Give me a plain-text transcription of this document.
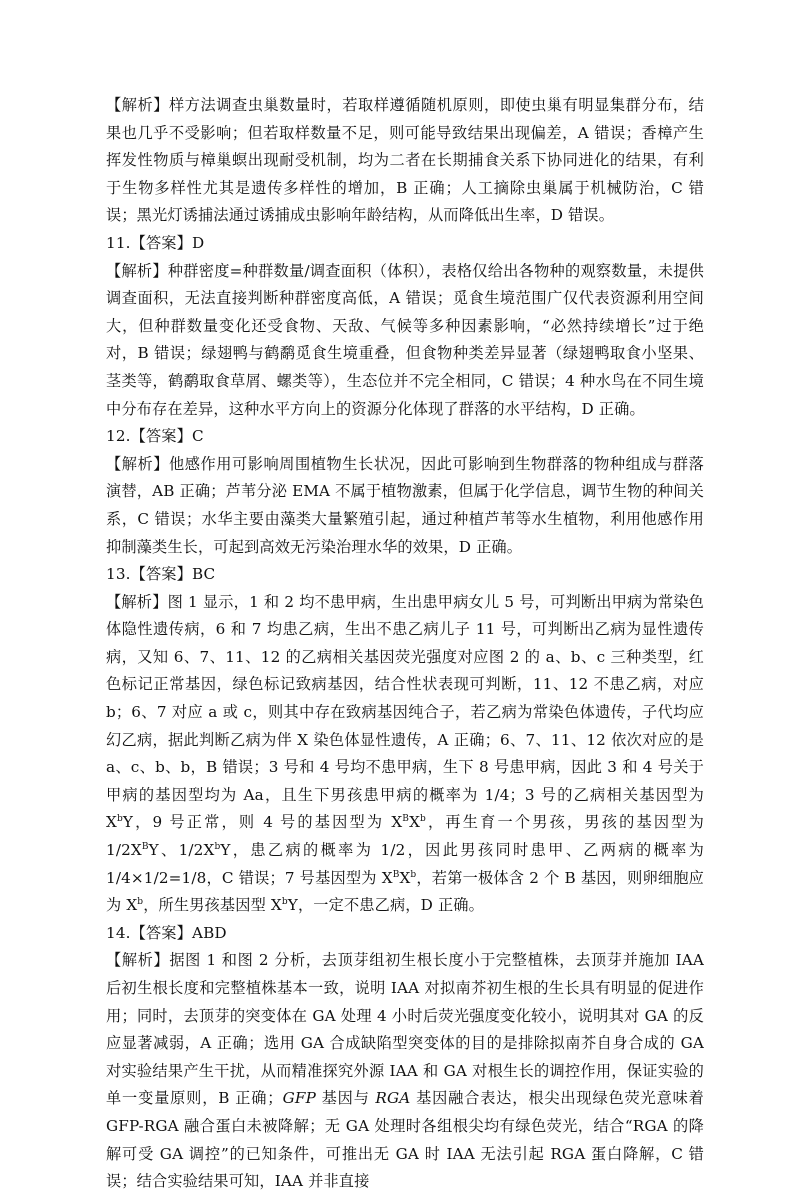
【解析】样方法调查虫巢数量时，若取样遵循随机原则，即使虫巢有明显集群分布，结果也几乎不受影响；但若取样数量不足，则可能导致结果出现偏差，A 错误；香樟产生挥发性物质与樟巢螟出现耐受机制，均为二者在长期捕食关系下协同进化的结果，有利于生物多样性尤其是遗传多样性的增加，B 正确；人工摘除虫巢属于机械防治，C 错误；黑光灯诱捕法通过诱捕成虫影响年龄结构，从而降低出生率，D 错误。

11.【答案】D

【解析】种群密度=种群数量/调查面积（体积），表格仅给出各物种的观察数量，未提供调查面积，无法直接判断种群密度高低，A 错误；觅食生境范围广仅代表资源利用空间大，但种群数量变化还受食物、天敌、气候等多种因素影响，“必然持续增长”过于绝对，B 错误；绿翅鸭与鹤鹬觅食生境重叠，但食物种类差异显著（绿翅鸭取食小坚果、茎类等，鹤鹬取食草屑、螺类等），生态位并不完全相同，C 错误；4 种水鸟在不同生境中分布存在差异，这种水平方向上的资源分化体现了群落的水平结构，D 正确。

12.【答案】C

【解析】他感作用可影响周围植物生长状况，因此可影响到生物群落的物种组成与群落演替，AB 正确；芦苇分泌 EMA 不属于植物激素，但属于化学信息，调节生物的种间关系，C 错误；水华主要由藻类大量繁殖引起，通过种植芦苇等水生植物，利用他感作用抑制藻类生长，可起到高效无污染治理水华的效果，D 正确。

13.【答案】BC

【解析】图 1 显示，1 和 2 均不患甲病，生出患甲病女儿 5 号，可判断出甲病为常染色体隐性遗传病，6 和 7 均患乙病，生出不患乙病儿子 11 号，可判断出乙病为显性遗传病，又知 6、7、11、12 的乙病相关基因荧光强度对应图 2 的 a、b、c 三种类型，红色标记正常基因，绿色标记致病基因，结合性状表现可判断，11、12 不患乙病，对应 b；6、7 对应 a 或 c，则其中存在致病基因纯合子，若乙病为常染色体遗传，子代均应幻乙病，据此判断乙病为伴 X 染色体显性遗传，A 正确；6、7、11、12 依次对应的是 a、c、b、b，B 错误；3 号和 4 号均不患甲病，生下 8 号患甲病，因此 3 和 4 号关于甲病的基因型均为 Aa，且生下男孩患甲病的概率为 1/4；3 号的乙病相关基因型为 $X^bY$，9 号正常，则 4 号的基因型为 $X^BX^b$，再生育一个男孩，男孩的基因型为 $1/2X^BY$、$1/2X^bY$，患乙病的概率为 1/2，因此男孩同时患甲、乙两病的概率为 1/4×1/2=1/8，C 错误；7 号基因型为 $X^BX^b$，若第一极体含 2 个 B 基因，则卵细胞应为 $X^b$，所生男孩基因型 $X^bY$，一定不患乙病，D 正确。

14.【答案】ABD

【解析】据图 1 和图 2 分析，去顶芽组初生根长度小于完整植株，去顶芽并施加 IAA 后初生根长度和完整植株基本一致，说明 IAA 对拟南芥初生根的生长具有明显的促进作用；同时，去顶芽的突变体在 GA 处理 4 小时后荧光强度变化较小，说明其对 GA 的反应显著减弱，A 正确；选用 GA 合成缺陷型突变体的目的是排除拟南芥自身合成的 GA 对实验结果产生干扰，从而精准探究外源 IAA 和 GA 对根生长的调控作用，保证实验的单一变量原则，B 正确；GFP 基因与 RGA 基因融合表达，根尖出现绿色荧光意味着 GFP-RGA 融合蛋白未被降解；无 GA 处理时各组根尖均有绿色荧光，结合“RGA 的降解可受 GA 调控”的已知条件，可推出无 GA 时 IAA 无法引起 RGA 蛋白降解，C 错误；结合实验结果可知，IAA 并非直接
